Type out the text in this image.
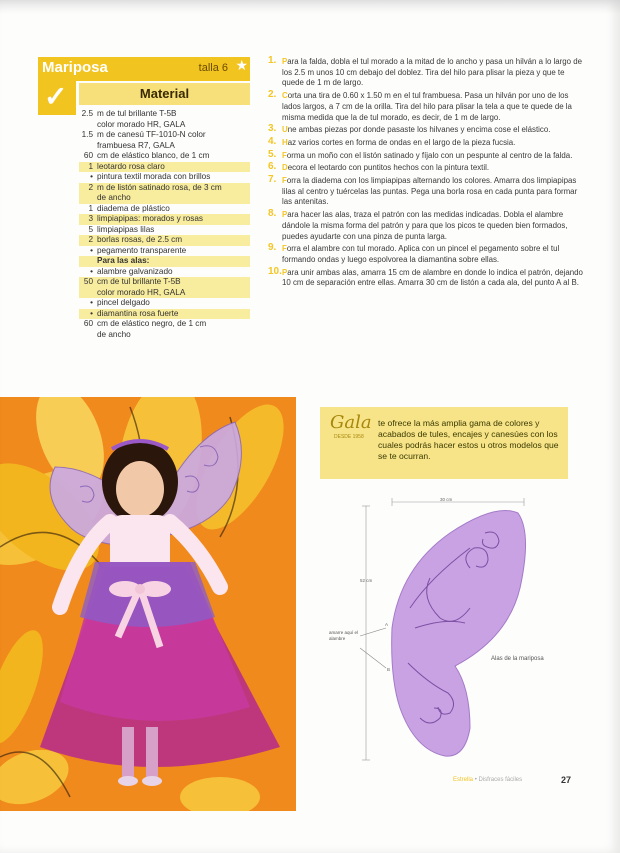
Mariposa	talla 6 ★
✓	Material
2.5 m de tul brillante T-5B
color morado HR, GALA
1.5 m de canesú TF-1010-N color
frambuesa R7, GALA
60 cm de elástico blanco, de 1 cm
1 leotardo rosa claro
• pintura textil morada con brillos
2 m de listón satinado rosa, de 3 cm
de ancho
1 diadema de plástico
3 limpiapipas: morados y rosas
5 limpiapipas lilas
2 borlas rosas, de 2.5 cm
• pegamento transparente
Para las alas:
• alambre galvanizado
50 cm de tul brillante T-5B
color morado HR, GALA
• pincel delgado
• diamantina rosa fuerte
60 cm de elástico negro, de 1 cm
de ancho
1. Para la falda, dobla el tul morado a la mitad de lo ancho y pasa un hilván a lo largo de los 2.5 m unos 10 cm debajo del doblez. Tira del hilo para plisar la pieza y que te quede de 1 m de largo.
2. Corta una tira de 0.60 x 1.50 m en el tul frambuesa. Pasa un hilván por uno de los lados largos, a 7 cm de la orilla. Tira del hilo para plisar la tela a que te quede de la misma medida que la de tul morado, es decir, de 1 m de largo.
3. Une ambas piezas por donde pasaste los hilvanes y encima cose el elástico.
4. Haz varios cortes en forma de ondas en el largo de la pieza fucsia.
5. Forma un moño con el listón satinado y fíjalo con un pespunte al centro de la falda.
6. Decora el leotardo con puntitos hechos con la pintura textil.
7. Forra la diadema con los limpiapipas alternando los colores. Amarra dos limpiapipas lilas al centro y tuércelas las puntas. Pega una borla rosa en cada punta para formar las antenitas.
8. Para hacer las alas, traza el patrón con las medidas indicadas. Dobla el alambre dándole la misma forma del patrón y para que los picos te queden bien formados, puedes ayudarte con una pinza de punta larga.
9. Forra el alambre con tul morado. Aplica con un pincel el pegamento sobre el tul formando ondas y luego espolvorea la diamantina sobre ellas.
10. Para unir ambas alas, amarra 15 cm de alambre en donde lo indica el patrón, dejando 10 cm de separación entre ellas. Amarra 30 cm de listón a cada ala, del punto A al B.
Gala
DESDE 1958
te ofrece la más amplia gama de colores y acabados de tules, encajes y canesúes con los cuales podrás hacer estos u otros modelos que se te ocurran.
30 cm
52 cm
A
B
amarre aquí el alambre
Alas de la mariposa
Estrella • Disfraces fáciles	27
